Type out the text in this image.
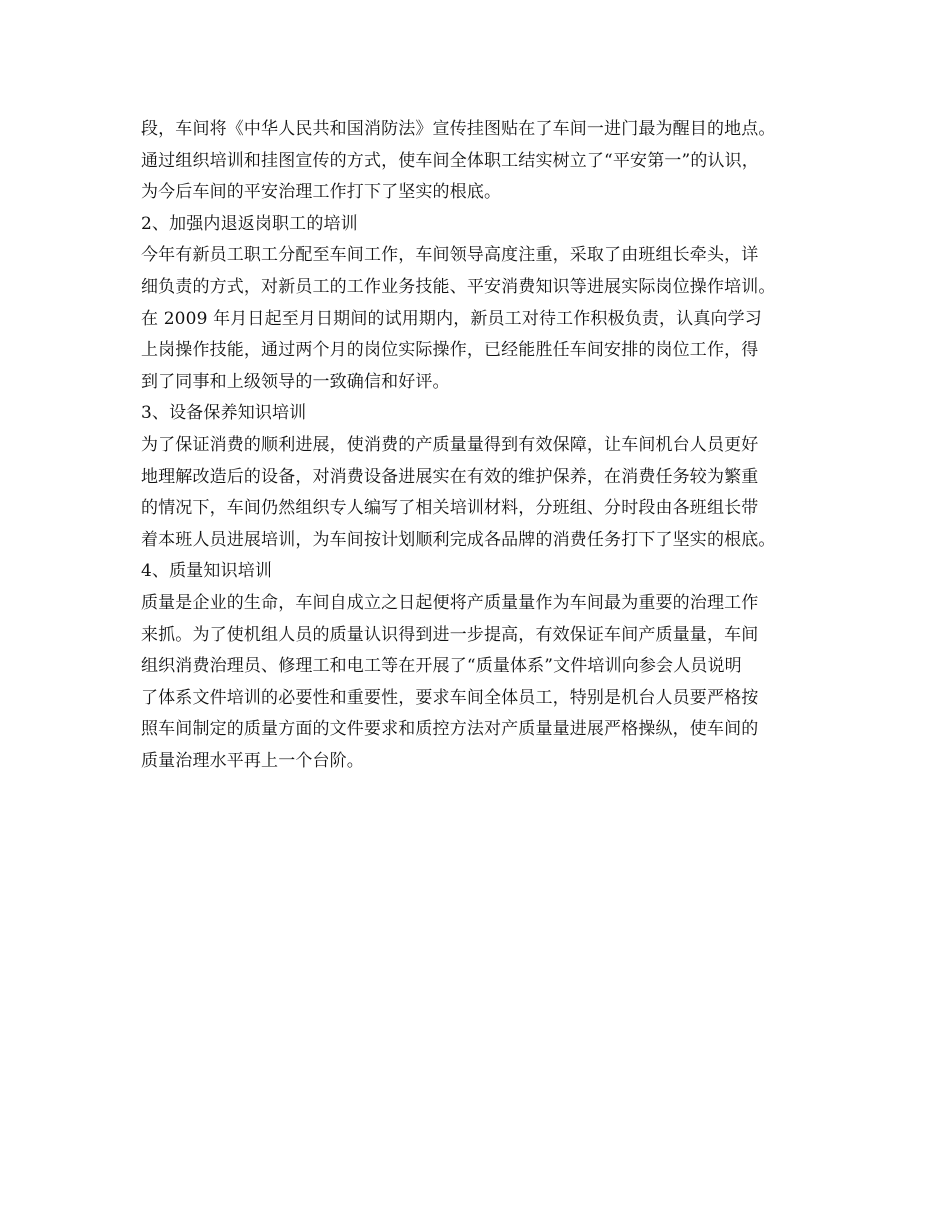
段，车间将《中华人民共和国消防法》宣传挂图贴在了车间一进门最为醒目的地点。
通过组织培训和挂图宣传的方式，使车间全体职工结实树立了“平安第一”的认识，
为今后车间的平安治理工作打下了坚实的根底。
2、加强内退返岗职工的培训
今年有新员工职工分配至车间工作，车间领导高度注重，采取了由班组长牵头，详
细负责的方式，对新员工的工作业务技能、平安消费知识等进展实际岗位操作培训。
在 2009 年月日起至月日期间的试用期内，新员工对待工作积极负责，认真向学习
上岗操作技能，通过两个月的岗位实际操作，已经能胜任车间安排的岗位工作，得
到了同事和上级领导的一致确信和好评。
3、设备保养知识培训
为了保证消费的顺利进展，使消费的产质量量得到有效保障，让车间机台人员更好
地理解改造后的设备，对消费设备进展实在有效的维护保养，在消费任务较为繁重
的情况下，车间仍然组织专人编写了相关培训材料，分班组、分时段由各班组长带
着本班人员进展培训，为车间按计划顺利完成各品牌的消费任务打下了坚实的根底。
4、质量知识培训
质量是企业的生命，车间自成立之日起便将产质量量作为车间最为重要的治理工作
来抓。为了使机组人员的质量认识得到进一步提高，有效保证车间产质量量，车间
组织消费治理员、修理工和电工等在开展了“质量体系”文件培训向参会人员说明
了体系文件培训的必要性和重要性，要求车间全体员工，特别是机台人员要严格按
照车间制定的质量方面的文件要求和质控方法对产质量量进展严格操纵，使车间的
质量治理水平再上一个台阶。
